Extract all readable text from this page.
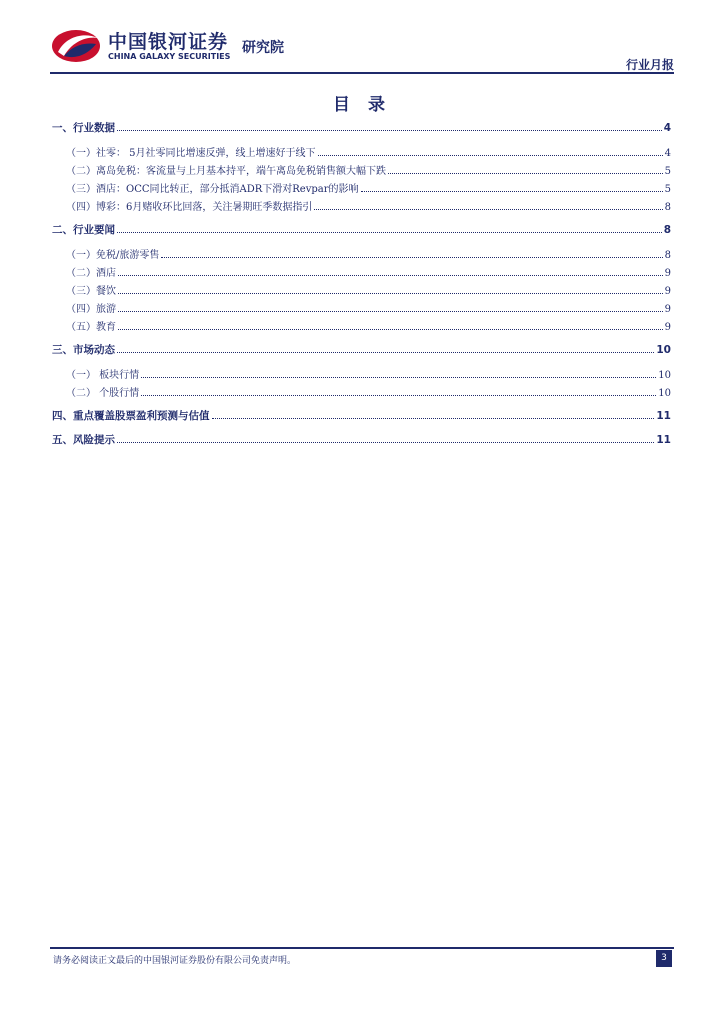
中国银河证券
CHINA GALAXY SECURITIES
研究院
行业月报
目 录
一、行业数据	4
（一）社零： 5月社零同比增速反弹，线上增速好于线下	4
（二）离岛免税：客流量与上月基本持平，端午离岛免税销售额大幅下跌	5
（三）酒店：OCC同比转正，部分抵消ADR下滑对Revpar的影响	5
（四）博彩：6月赌收环比回落，关注暑期旺季数据指引	8
二、行业要闻	8
（一）免税/旅游零售	8
（二）酒店	9
（三）餐饮	9
（四）旅游	9
（五）教育	9
三、市场动态	10
（一） 板块行情	10
（二） 个股行情	10
四、重点覆盖股票盈利预测与估值	11
五、风险提示	11
请务必阅读正文最后的中国银河证券股份有限公司免责声明。	3
